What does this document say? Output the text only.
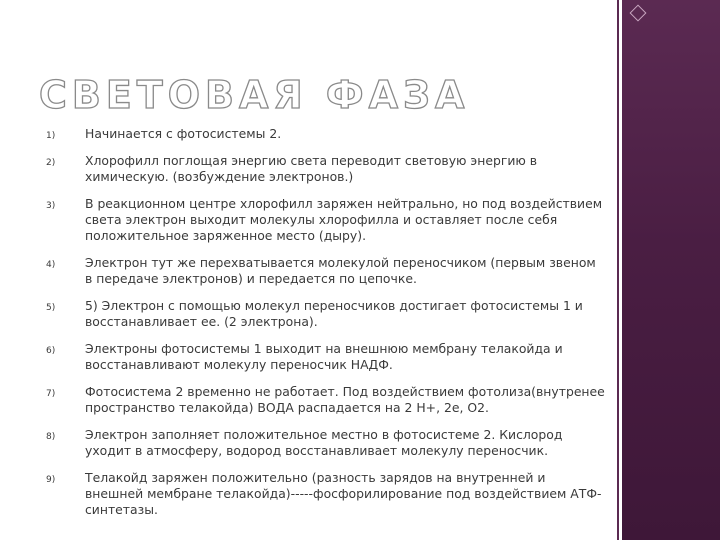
СВЕТОВАЯ ФАЗА
1) Начинается с фотосистемы 2.
2) Хлорофилл поглощая энергию света переводит световую энергию в химическую. (возбуждение электронов.)
3) В реакционном центре хлорофилл заряжен нейтрально, но под воздействием света электрон выходит молекулы хлорофилла и оставляет после себя положительное заряженное место (дыру).
4) Электрон тут же перехватывается молекулой переносчиком (первым звеном в передаче электронов) и передается по цепочке.
5) 5) Электрон с помощью молекул переносчиков достигает фотосистемы 1 и восстанавливает ее. (2 электрона).
6) Электроны фотосистемы 1 выходит на внешнюю мембрану телакойда и восстанавливают молекулу переносчик НАДФ.
7) Фотосистема 2 временно не работает. Под воздействием фотолиза(внутренее пространство телакойда) ВОДА распадается на 2 Н+, 2е, О2.
8) Электрон заполняет положительное местно в фотосистеме 2. Кислород уходит в атмосферу, водород восстанавливает молекулу переносчик.
9) Телакойд заряжен положительно (разность зарядов на внутренней и внешней мембране телакойда)-----фосфорилирование под воздействием АТФ-синтетазы.
